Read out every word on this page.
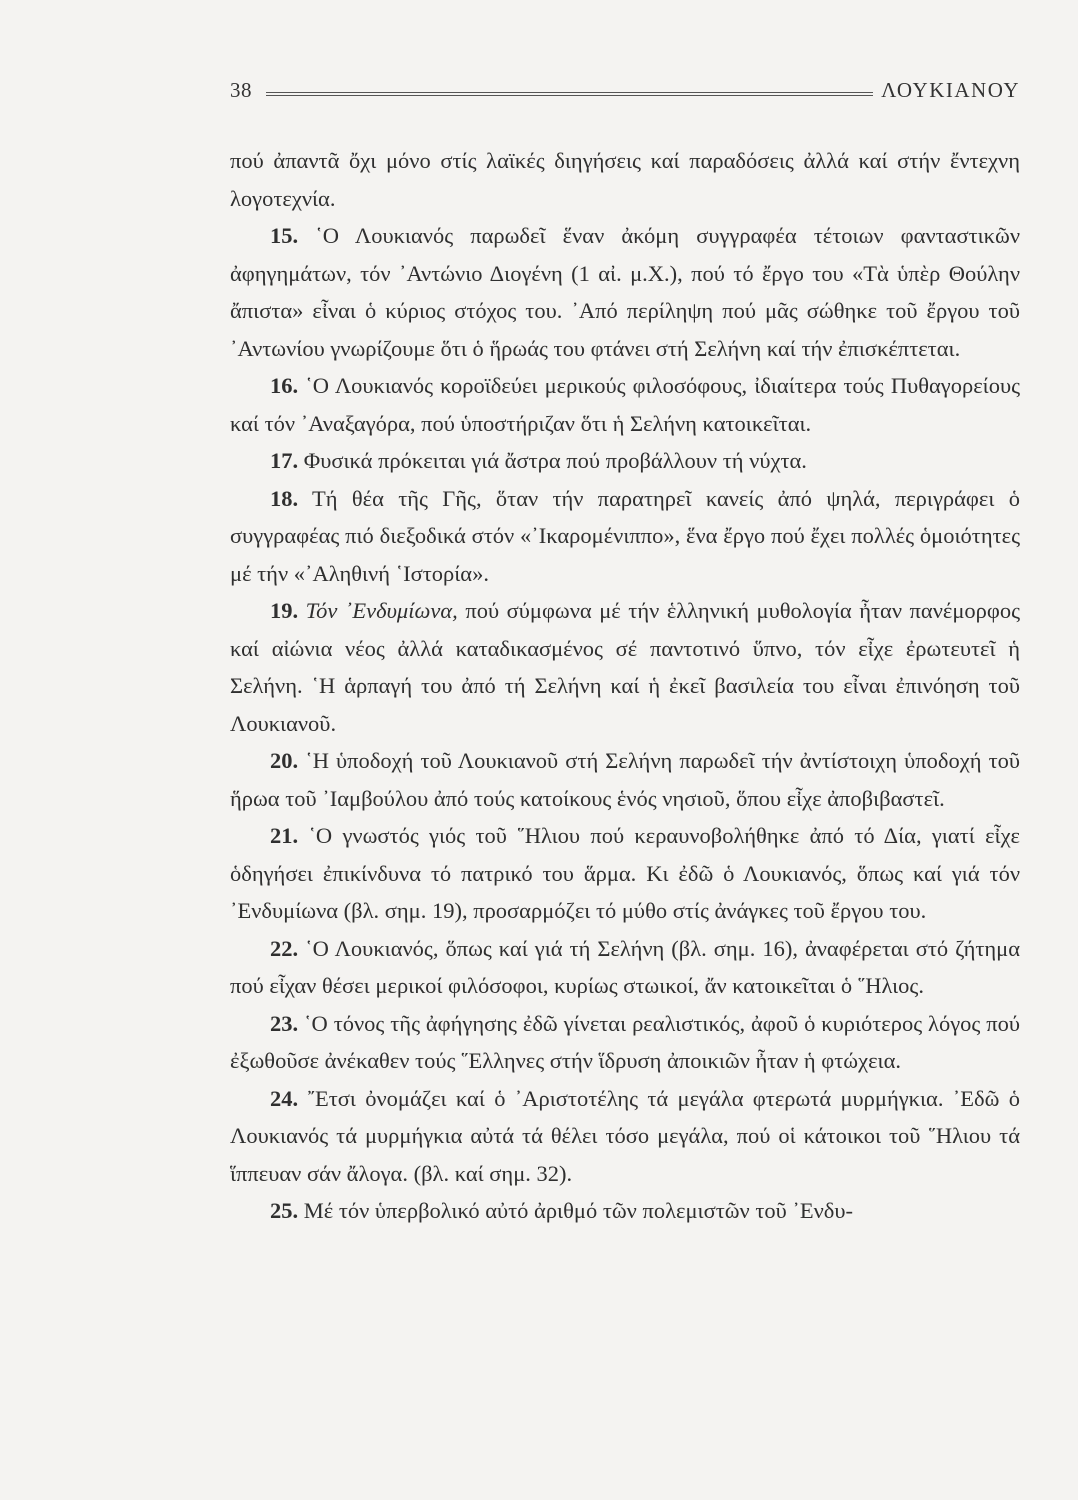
38	ΛΟΥΚΙΑΝΟΥ

πού ἀπαντᾶ ὄχι μόνο στίς λαϊκές διηγήσεις καί παραδόσεις ἀλλά καί στήν ἔντεχνη λογοτεχνία.

15. ῾Ο Λουκιανός παρωδεῖ ἕναν ἀκόμη συγγραφέα τέτοιων φανταστικῶν ἀφηγημάτων, τόν ᾿Αντώνιο Διογένη (1 αἰ. μ.Χ.), πού τό ἔργο του «Τὰ ὑπὲρ Θούλην ἄπιστα» εἶναι ὁ κύριος στόχος του. ᾿Από περίληψη πού μᾶς σώθηκε τοῦ ἔργου τοῦ ᾿Αντωνίου γνωρίζουμε ὅτι ὁ ἥρωάς του φτάνει στή Σελήνη καί τήν ἐπισκέπτεται.

16. ῾Ο Λουκιανός κοροϊδεύει μερικούς φιλοσόφους, ἰδιαίτερα τούς Πυθαγορείους καί τόν ᾿Αναξαγόρα, πού ὑποστήριζαν ὅτι ἡ Σελήνη κατοικεῖται.

17. Φυσικά πρόκειται γιά ἄστρα πού προβάλλουν τή νύχτα.

18. Τή θέα τῆς Γῆς, ὅταν τήν παρατηρεῖ κανείς ἀπό ψηλά, περιγράφει ὁ συγγραφέας πιό διεξοδικά στόν «᾿Ικαρομένιππο», ἕνα ἔργο πού ἔχει πολλές ὁμοιότητες μέ τήν «᾿Αληθινή ῾Ιστορία».

19. Τόν ᾿Ενδυμίωνα, πού σύμφωνα μέ τήν ἑλληνική μυθολογία ἦταν πανέμορφος καί αἰώνια νέος ἀλλά καταδικασμένος σέ παντοτινό ὕπνο, τόν εἶχε ἐρωτευτεῖ ἡ Σελήνη. ῾Η ἁρπαγή του ἀπό τή Σελήνη καί ἡ ἐκεῖ βασιλεία του εἶναι ἐπινόηση τοῦ Λουκιανοῦ.

20. ῾Η ὑποδοχή τοῦ Λουκιανοῦ στή Σελήνη παρωδεῖ τήν ἀντίστοιχη ὑποδοχή τοῦ ἥρωα τοῦ ᾿Ιαμβούλου ἀπό τούς κατοίκους ἑνός νησιοῦ, ὅπου εἶχε ἀποβιβαστεῖ.

21. ῾Ο γνωστός γιός τοῦ ῞Ηλιου πού κεραυνοβολήθηκε ἀπό τό Δία, γιατί εἶχε ὁδηγήσει ἐπικίνδυνα τό πατρικό του ἅρμα. Κι ἐδῶ ὁ Λουκιανός, ὅπως καί γιά τόν ᾿Ενδυμίωνα (βλ. σημ. 19), προσαρμόζει τό μύθο στίς ἀνάγκες τοῦ ἔργου του.

22. ῾Ο Λουκιανός, ὅπως καί γιά τή Σελήνη (βλ. σημ. 16), ἀναφέρεται στό ζήτημα πού εἶχαν θέσει μερικοί φιλόσοφοι, κυρίως στωικοί, ἄν κατοικεῖται ὁ ῞Ηλιος.

23. ῾Ο τόνος τῆς ἀφήγησης ἐδῶ γίνεται ρεαλιστικός, ἀφοῦ ὁ κυριότερος λόγος πού ἐξωθοῦσε ἀνέκαθεν τούς ῞Ελληνες στήν ἵδρυση ἀποικιῶν ἦταν ἡ φτώχεια.

24. ῎Ετσι ὀνομάζει καί ὁ ᾿Αριστοτέλης τά μεγάλα φτερωτά μυρμήγκια. ᾿Εδῶ ὁ Λουκιανός τά μυρμήγκια αὐτά τά θέλει τόσο μεγάλα, πού οἱ κάτοικοι τοῦ ῞Ηλιου τά ἵππευαν σάν ἄλογα. (βλ. καί σημ. 32).

25. Μέ τόν ὑπερβολικό αὐτό ἀριθμό τῶν πολεμιστῶν τοῦ ᾿Ενδυ-
